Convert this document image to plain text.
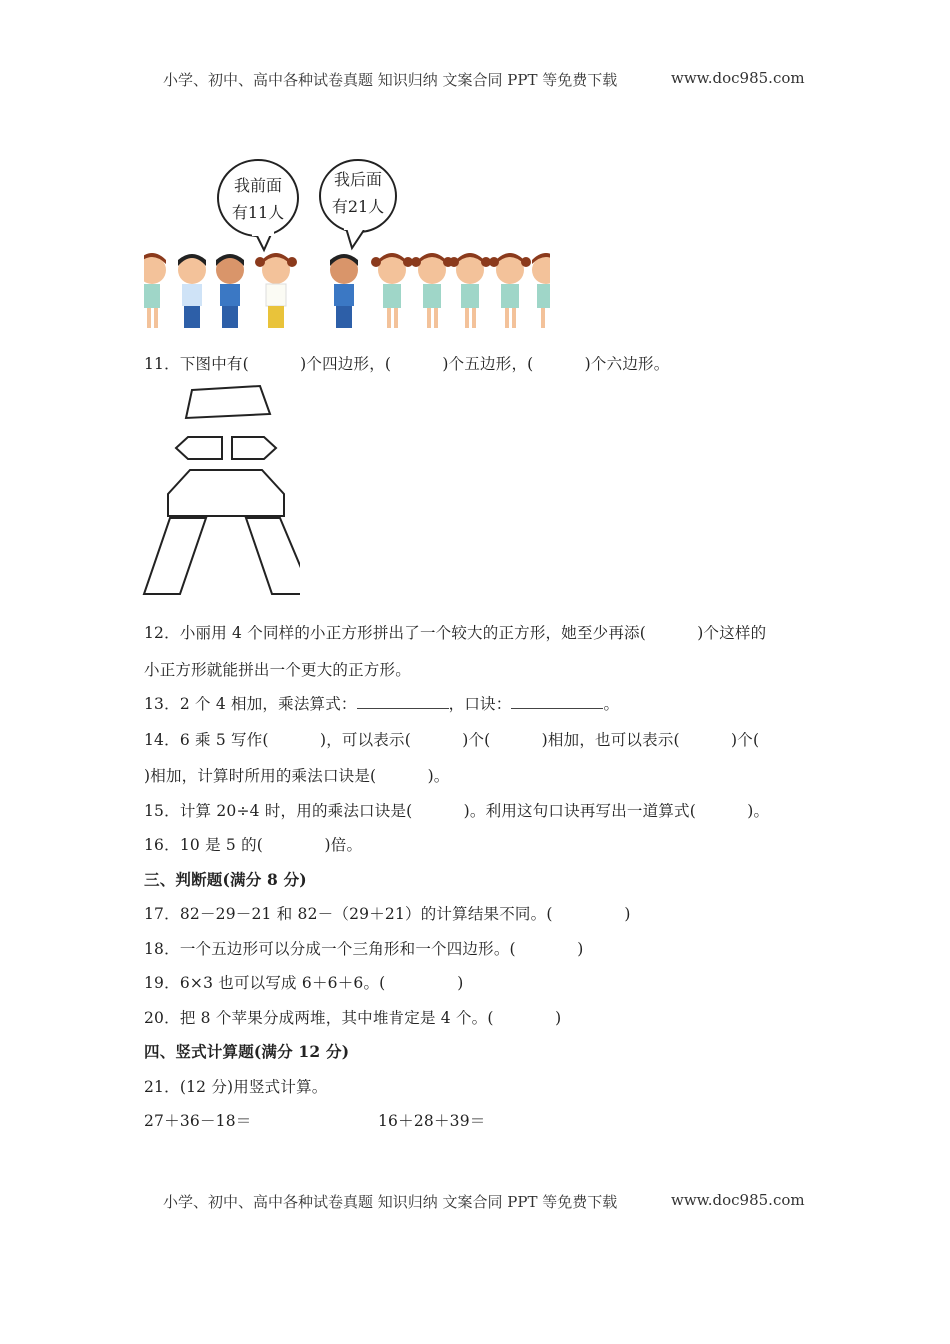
小学、初中、高中各种试卷真题 知识归纳 文案合同 PPT 等免费下载	www.doc985.com
我前面
有11人
我后面
有21人
11．下图中有(          )个四边形，(          )个五边形，(          )个六边形。
12．小丽用 4 个同样的小正方形拼出了一个较大的正方形，她至少再添(          )个这样的
小正方形就能拼出一个更大的正方形。
13．2 个 4 相加，乘法算式：	，口诀：	。
14．6 乘 5 写作(          )，可以表示(          )个(          )相加，也可以表示(          )个(
)相加，计算时所用的乘法口诀是(          )。
15．计算 20÷4 时，用的乘法口诀是(          )。利用这句口诀再写出一道算式(          )。
16．10 是 5 的(            )倍。
三、判断题(满分 8 分)
17．82－29－21 和 82－（29＋21）的计算结果不同。(              )
18．一个五边形可以分成一个三角形和一个四边形。(            )
19．6×3 也可以写成 6＋6＋6。(              )
20．把 8 个苹果分成两堆，其中堆肯定是 4 个。(            )
四、竖式计算题(满分 12 分)
21．(12 分)用竖式计算。
27＋36－18＝	16＋28＋39＝
小学、初中、高中各种试卷真题 知识归纳 文案合同 PPT 等免费下载	www.doc985.com
